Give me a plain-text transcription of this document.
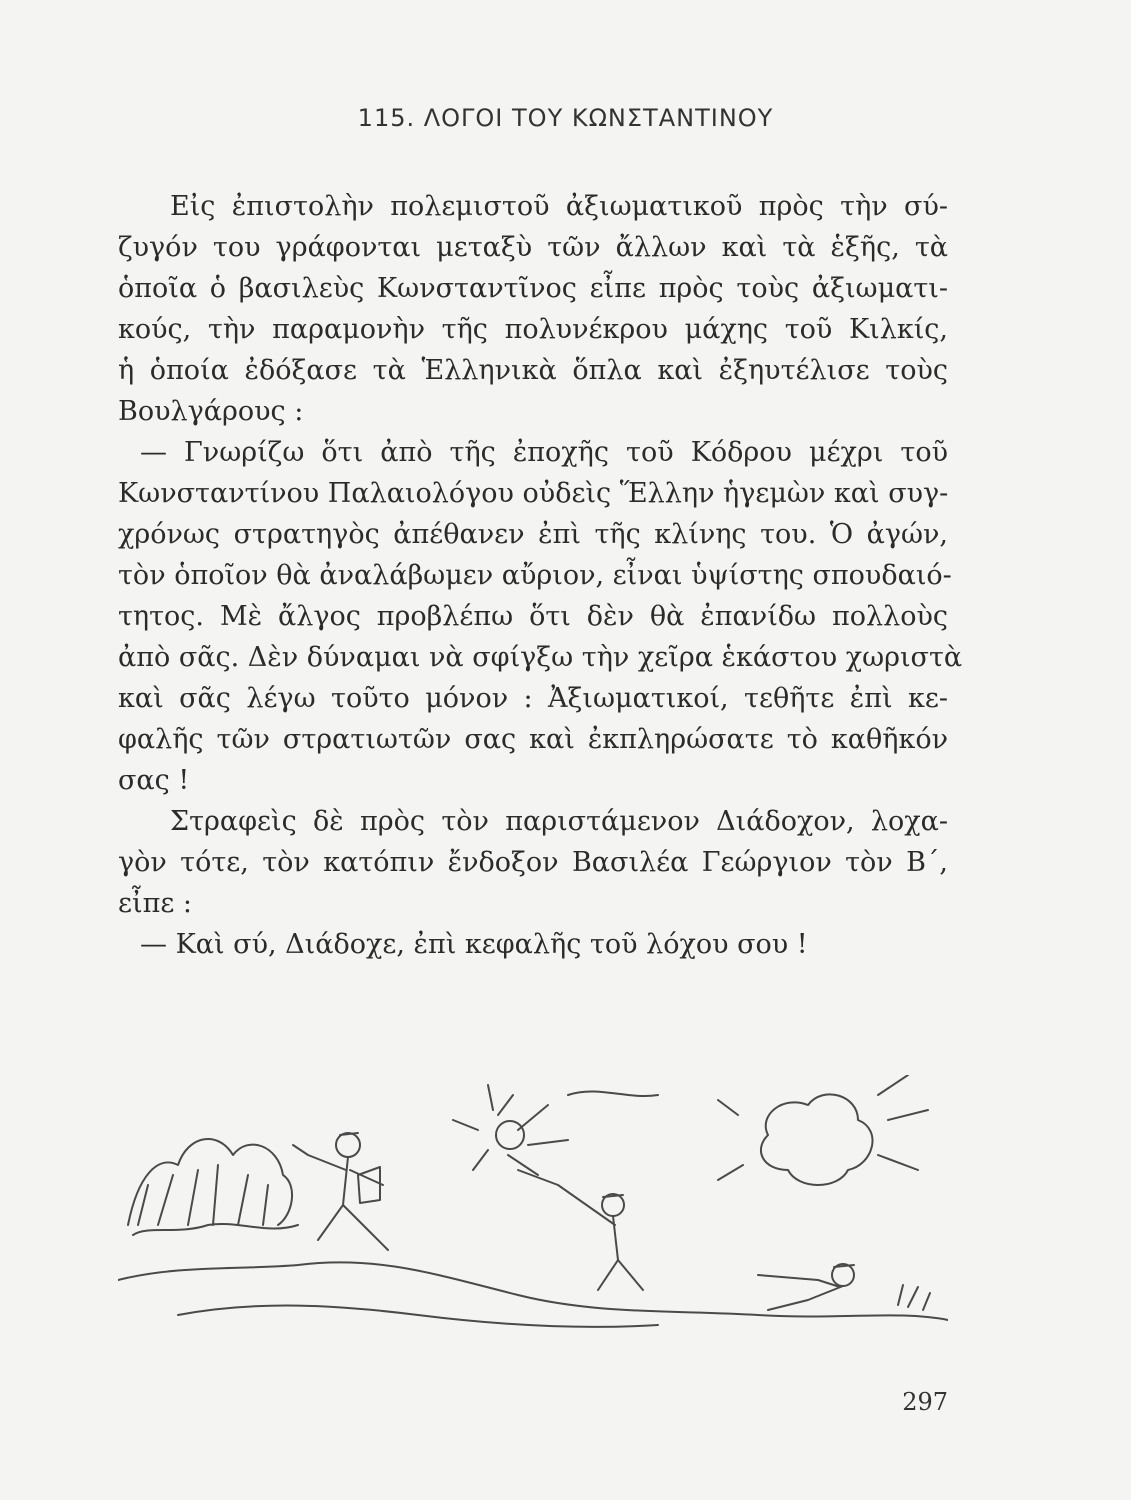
115. ΛΟΓΟΙ ΤΟΥ ΚΩΝΣΤΑΝΤΙΝΟΥ

Εἰς ἐπιστολὴν πολεμιστοῦ ἀξιωματικοῦ πρὸς τὴν σύ-
ζυγόν του γράφονται μεταξὺ τῶν ἄλλων καὶ τὰ ἑξῆς, τὰ
ὁποῖα ὁ βασιλεὺς Κωνσταντῖνος εἶπε πρὸς τοὺς ἀξιωματι-
κούς, τὴν παραμονὴν τῆς πολυνέκρου μάχης τοῦ Κιλκίς,
ἡ ὁποία ἐδόξασε τὰ Ἑλληνικὰ ὅπλα καὶ ἐξηυτέλισε τοὺς
Βουλγάρους :

— Γνωρίζω ὅτι ἀπὸ τῆς ἐποχῆς τοῦ Κόδρου μέχρι τοῦ
Κωνσταντίνου Παλαιολόγου οὐδεὶς Ἕλλην ἡγεμὼν καὶ συγ-
χρόνως στρατηγὸς ἀπέθανεν ἐπὶ τῆς κλίνης του. Ὁ ἀγών,
τὸν ὁποῖον θὰ ἀναλάβωμεν αὔριον, εἶναι ὑψίστης σπουδαιό-
τητος. Μὲ ἄλγος προβλέπω ὅτι δὲν θὰ ἐπανίδω πολλοὺς
ἀπὸ σᾶς. Δὲν δύναμαι νὰ σφίγξω τὴν χεῖρα ἑκάστου χωριστὰ
καὶ σᾶς λέγω τοῦτο μόνον : Ἀξιωματικοί, τεθῆτε ἐπὶ κε-
φαλῆς τῶν στρατιωτῶν σας καὶ ἐκπληρώσατε τὸ καθῆκόν
σας !

Στραφεὶς δὲ πρὸς τὸν παριστάμενον Διάδοχον, λοχα-
γὸν τότε, τὸν κατόπιν ἔνδοξον Βασιλέα Γεώργιον τὸν Β΄,
εἶπε :

— Καὶ σύ, Διάδοχε, ἐπὶ κεφαλῆς τοῦ λόχου σου !

297
